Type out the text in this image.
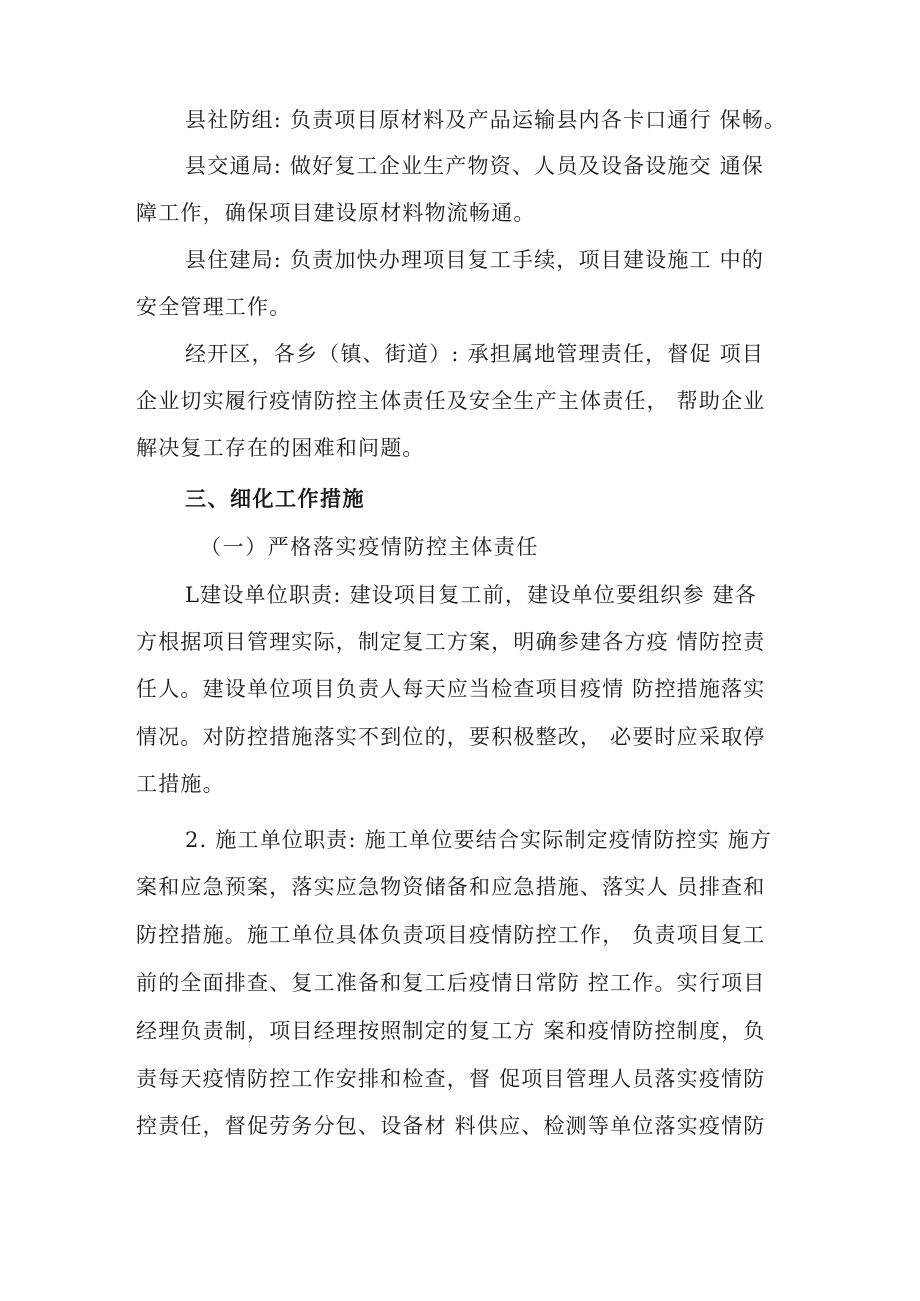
县社防组: 负责项目原材料及产品运输县内各卡口通行 保畅。
县交通局: 做好复工企业生产物资、人员及设备设施交 通保
障工作，确保项目建设原材料物流畅通。
县住建局: 负责加快办理项目复工手续，项目建设施工 中的
安全管理工作。
经开区，各乡（镇、街道）: 承担属地管理责任，督促 项目
企业切实履行疫情防控主体责任及安全生产主体责任， 帮助企业
解决复工存在的困难和问题。
三、细化工作措施
（一）严格落实疫情防控主体责任
L建设单位职责: 建设项目复工前，建设单位要组织参 建各
方根据项目管理实际，制定复工方案，明确参建各方疫 情防控责
任人。建设单位项目负责人每天应当检查项目疫情 防控措施落实
情况。对防控措施落实不到位的，要积极整改， 必要时应采取停
工措施。
2. 施工单位职责: 施工单位要结合实际制定疫情防控实 施方
案和应急预案，落实应急物资储备和应急措施、落实人 员排查和
防控措施。施工单位具体负责项目疫情防控工作， 负责项目复工
前的全面排查、复工准备和复工后疫情日常防 控工作。实行项目
经理负责制，项目经理按照制定的复工方 案和疫情防控制度，负
责每天疫情防控工作安排和检查，督 促项目管理人员落实疫情防
控责任，督促劳务分包、设备材 料供应、检测等单位落实疫情防
